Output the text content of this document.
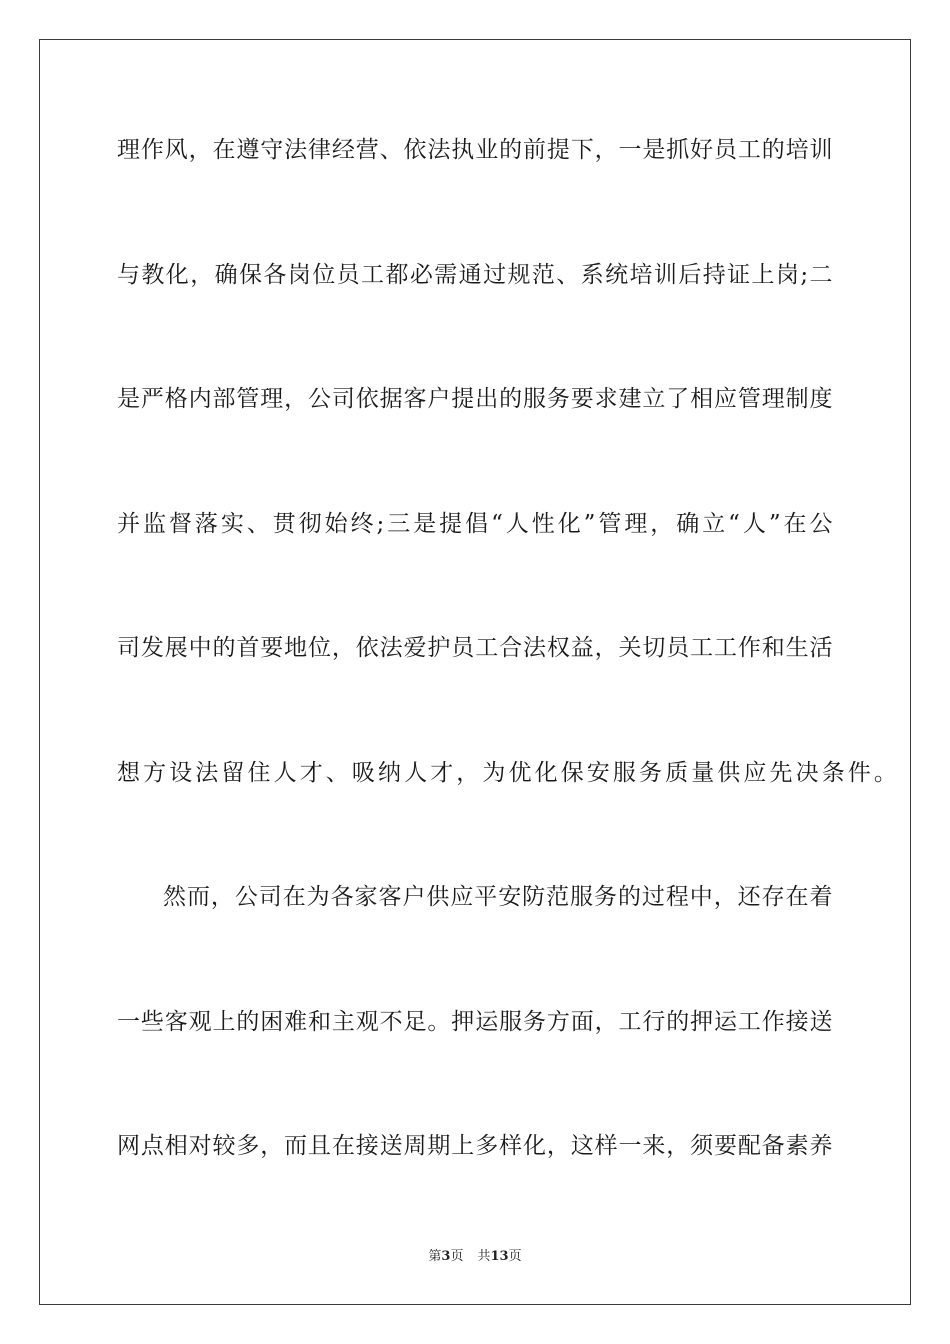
理作风，在遵守法律经营、依法执业的前提下，一是抓好员工的培训
与教化，确保各岗位员工都必需通过规范、系统培训后持证上岗;二
是严格内部管理，公司依据客户提出的服务要求建立了相应管理制度
并监督落实、贯彻始终;三是提倡“人性化”管理，确立“人”在公
司发展中的首要地位，依法爱护员工合法权益，关切员工工作和生活
想方设法留住人才、吸纳人才，为优化保安服务质量供应先决条件。
然而，公司在为各家客户供应平安防范服务的过程中，还存在着
一些客观上的困难和主观不足。押运服务方面，工行的押运工作接送
网点相对较多，而且在接送周期上多样化，这样一来，须要配备素养
第3页 共13页
